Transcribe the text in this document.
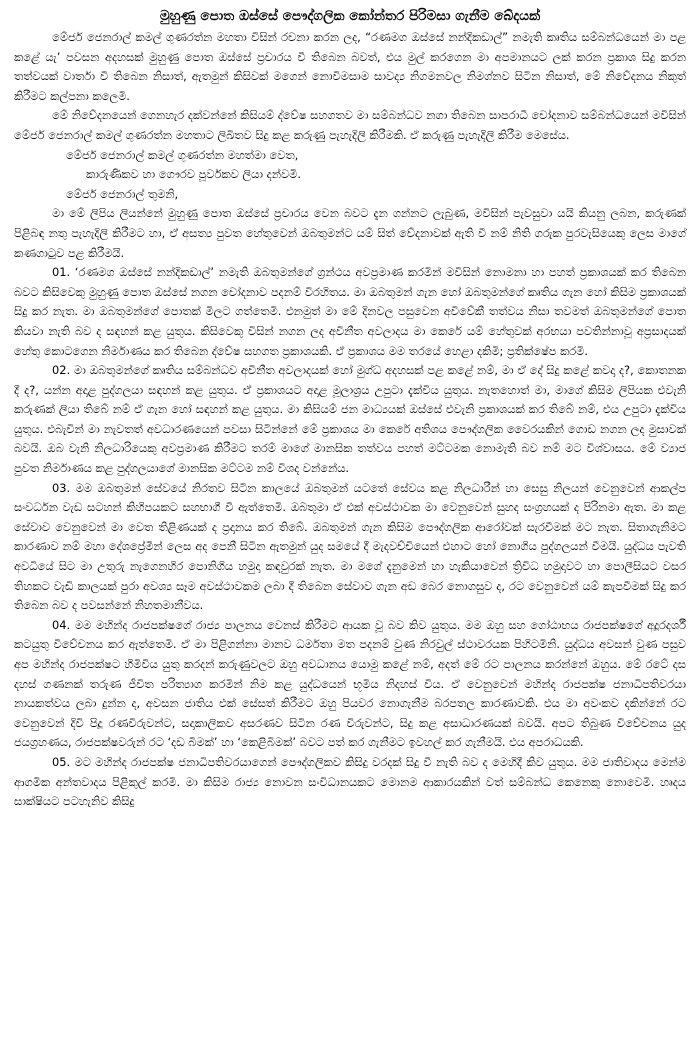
මුහුණු පොත ඔස්සේ පෞද්ගලික කෝන්තර පිරිමසා ගැනීම බේදයක්

මේජර් ජෙනරාල් කමල් ගුණරත්න මහතා විසින් රචනා කරන ලද, “රණමග ඔස්සේ නන්දිකඩාල්” නමැති කෘතිය සම්බන්ධයෙන් මා පළ කළේ යැ’ පවසන අදහසක් මුහුණු පොත ඔස්සේ ප්‍රචාරය වී තිබෙන බවත්, එය මුල් කරගෙන මා අපමානයට ලක් කරන ප්‍රකාශ සිදු කරන තත්වයක් වාර්තා වී තිබෙන නිසාත්, ඇතමුන් කිසිවක් මගෙන් නොවිමසාම සාවද්‍ය නිගමනවල නිමග්නව සිටින නිසාත්, මේ නිවේදනය නිකුත් කිරීමට කල්පනා කලෙමි.

මේ නිවේදනයෙන් ගෙනහැර දක්වන්නේ කිසියම් ද්වේෂ සහගතව මා සම්බන්ධව නගා තිබෙන සාපරාධී චෝදනාව සම්බන්ධයෙන් මවිසින් මේජර් ජෙනරාල් කමල් ගුණරත්න මහතාට ලිඛිතව සිදු කළ කරුණු පැහැදිලි කිරීමකි. ඒ කරුණු පැහැදිලි කිරීම මෙසේය.

මේජර් ජෙනරාල් කමල් ගුණරත්න මහත්මා වෙත,

කාරුණිකව හා ගෞරව පූර්වකව ලියා දන්වමි.

මේජර් ජෙනරාල් තුමනි,

මා මේ ලිපිය ලියන්නේ මුහුණු පොත ඔස්සේ ප්‍රචාරය වෙන බවට දැන ගන්නට ලැබුණ, මවිසින් පැවසුවා යයි කියනු ලබන, කරුණක් පිළිබඳ නතු පැහැදිලි කිරීමට හා, ඒ අසත්‍ය පුවත හේතුවෙන් ඔබතුමන්ට යම් සිත් වේදනාවක් ඇති වී නම් නිති ගරුක පුරවැසියෙකු ලෙස මාගේ කණගාටුව පළ කිරීමයි.

01. ‘රණමග ඔස්සේ නන්දිකඩාල්’ නමැති ඔබතුමන්ගේ ග්‍රන්ථය අවප්‍රමාණ කරමින් මවිසින් නොමනා හා පහත් ප්‍රකාශයක් කර තිබෙන බවට කිසිවෙකු මුහුණු පොත ඔස්සේ නගන චෝදනාව පදනම් විරහිතය. මා ඔබතුමන් ගැන හෝ ඔබතුමන්ගේ කෘතිය ගැන හෝ කිසිම ප්‍රකාශයක් සිදු කර නැත. මා ඔබතුමන්ගේ පොතක් මිලට ගත්තෙමි. එනමුත් මා මේ දිනවල පසුවෙන අවිවේකී තත්වය නිසා තවමත් ඔබතුමන්ගේ පොත කියවා නැති බව ද සඳහන් කළ යුතුය. කිසිවෙකු විසින් නගන ලද අවිනීත අවලාදය මා කෙරේ යම් හේතුවක් අරභයා පවතින්නාවූ අප්‍රසාදයක් හේතු කොටගෙන නිර්මාණය කර තිබෙන ද්වේෂ සහගත ප්‍රකාශයකි. ඒ ප්‍රකාශය මම තරයේ හෙළා දකිමි; ප්‍රතික්ෂේප කරමි.

02. මා ඔබතුමන්ගේ කෘතිය සම්බන්ධව අවිනීත අවලාදයක් හෝ මුග්ධ අදහසක් පළ කළේ නම්, මා ඒ දේ සිදු කළේ කවදා ද?, කොතනක දී ද?, යන්න අදාළ පුද්ගලයා සඳහන් කළ යුතුය. ඒ ප්‍රකාශයට අදාළ මූලාශ්‍රය උපුටා දැක්විය යුතුය. නැතහොත් මා, මාගේ කිසිම ලිපියක එවැනි කරුණක් ලියා තිබේ නම් ඒ ගැන හෝ සඳහන් කළ යුතුය. මා කිසියම් ජන මාධ්‍යයක් ඔස්සේ එවැනි ප්‍රකාශයක් කර තිබේ නම්, එය උපුටා දැක්විය යුතුය. එබැවින් මා නැවතත් අවධාරණයෙන් පවසා සිටින්නේ මේ ප්‍රකාශය මා කෙරේ අතිශය පෞද්ගලික වෛරයකින් ගොඩ නගන ලද මුසාවක් බවයි. ඔබ වැනි නිලධාරියෙකු අවප්‍රමාණ කිරීමට තරම් මාගේ මානසික තත්වය පහත් මට්ටමක නොමැති බව නම් මට විශ්වාසය. මේ ව්‍යාජ පුවත නිර්මාණය කළ පුද්ගලයාගේ මානසික මට්ටම නම් විශද වන්නේය.

03. මම ඔබතුමන් සේවයේ නිරතව සිටින කාලයේ ඔබතුමන් යටතේ සේවය කළ නිලධාරීන් හා සෙසු නිලයන් වෙනුවෙන් ආකල්ප සංවර්ධන වැඩ සටහන් කිහිපයකට සහභාගී වී ඇත්තෙමි. ඔබතුමා ඒ එක් අවස්ථාවක මා වෙනුවෙන් සුහද සංග්‍රහයක් ද පිරිනමා ඇත. මා කළ සේවාව වෙනුවෙන් මා වෙත තිළිණයක් ද ප්‍රදානය කර තිබේ. ඔබතුමන් ගැන කිසිම පෞද්ගලික ආරෝවක් සැරවීමක් මට නැත. සිතාගැනිමට කාරණාව නම් මහා දේශප්‍රේමීන් ලෙස අද පෙනී සිටින ඇතමුන් යුද සමයේ දී මැදවච්චියෙන් එහාට හෝ නොගිය පුද්ගලයන් වීමයි. යුද්ධය පැවති අවධියේ සිට මා උතුරු නැගෙනහිර පොනිගිය හමුදා කඳවුරක් නැත. මා මගේ දැනුමෙන් හා හැකියාවෙන් ත්‍රිවිධ හමුදාවට හා පොලීසියට වසර තිහකට වැඩි කාලයක් පුරා අවශ්‍ය සෑම අවස්ථාවකම ලබා දී තිබෙන සේවාව ගැන අඩ බෙර නොගසුව ද, රට වෙනුවෙන් යම් කැපවීමක් සිදු කර තිබෙන බව ද පවසන්නේ නිහතමානීවය.

04. මම මහින්ද රාජපක්ෂගේ රාජ්‍ය පාලනය වෙනස් කිරීමට ආයක වූ බව කිව යුතුය. මම ඔහු සහ ගෝඨාභය රාජපක්ෂගේ අදූරදර්ශී කටයුතු විවේචනය කර ඇත්තෙමි. ඒ මා පිළිගන්නා මානව ධර්මතා මත පදනම් වුණ නිරවුල් ස්ථාවරයක පිහිටමිනි. යුද්ධය අවසන් වුණ පසුව අප මහින්ද රාජපක්ෂට හිමිවිය යුතු කරදන් කරුණුවලට ඔහු අවධානය යොමු කළේ නම්, අදත් මේ රට පාලනය කරන්නේ ඔහුය. මේ රටේ දස දහස් ගණනක් තරුණ ජීවිත පරිත්‍යාග කරමින් නිම කළ යුද්ධයෙන් භූමිය නිදහස් විය. ඒ වෙනුවෙන් මහින්ද රාජපක්ෂ ජනාධිපතිවරයා නායකත්වය ලබා දුන්න ද, අවසන ජාතිය එක් සේසත් කිරීමට ඔහු පියවර නොගැනීම බරපතල කාරණාවකි. එය මා අවංකව දකින්නේ රට වෙනුවෙන් දිවි පිදූ රණවිරුවන්ට, සදාකාලිකව අසරණව සිටින රණ විරුවන්ට, සිදු කළ අසාධාරණයක් බවයි. අපට තිබුණ විවේචනය යුද ජයග්‍රහණය, රාජපක්ෂවරුන් රට ‘දඩ බිමක්’ හා ‘කෙළිබිමක්’ බවට පත් කර ගැනීමට ඉවහල් කර ගැනීමයි. එය අපරාධයකි.

05. මට මහින්ද රාජපක්ෂ ජනාධිපතිවරයාගෙන් පෞද්ගලිකව කිසිදු වරදක් සිදු වී නැති බව ද මෙහිදී කිව යුතුය. මම ජාතිවාදය මෙන්ම ආගමික අන්තවාදය පිළිකුල් කරමි. මා කිසිම රාජ්‍ය නොවන සංවිධානයකට මොනම ආකාරයකින් වත් සම්බන්ධ කෙනෙකු නොවෙමි. හෘදය සාක්ෂියට පටහැනිව කිසිදු
